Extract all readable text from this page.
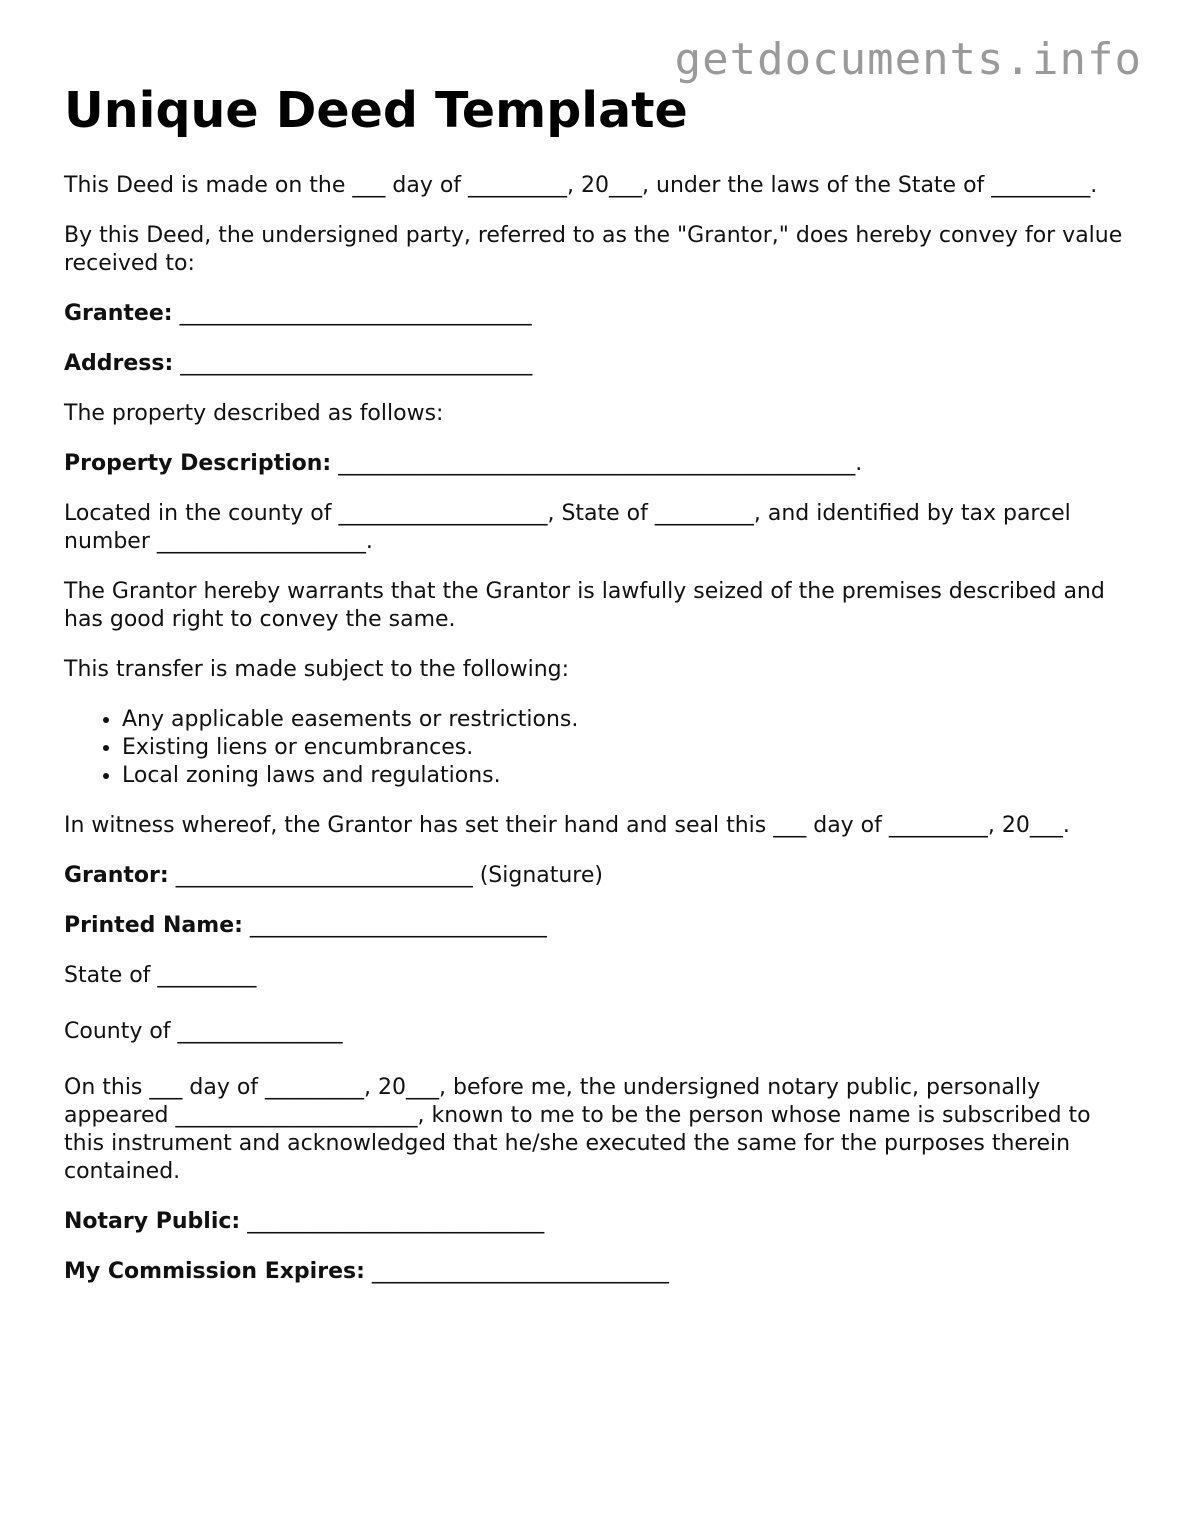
getdocuments.info
Unique Deed Template

This Deed is made on the ___ day of _________, 20___, under the laws of the State of _________.

By this Deed, the undersigned party, referred to as the "Grantor," does hereby convey for value received to:

Grantee: ________________________________

Address: ________________________________

The property described as follows:

Property Description: _______________________________________________.

Located in the county of ___________________, State of _________, and identified by tax parcel number ___________________.

The Grantor hereby warrants that the Grantor is lawfully seized of the premises described and has good right to convey the same.

This transfer is made subject to the following:

• Any applicable easements or restrictions.
• Existing liens or encumbrances.
• Local zoning laws and regulations.

In witness whereof, the Grantor has set their hand and seal this ___ day of _________, 20___.

Grantor: ___________________________ (Signature)

Printed Name: ___________________________

State of _________

County of _______________

On this ___ day of _________, 20___, before me, the undersigned notary public, personally appeared ______________________, known to me to be the person whose name is subscribed to this instrument and acknowledged that he/she executed the same for the purposes therein contained.

Notary Public: ___________________________

My Commission Expires: ___________________________
